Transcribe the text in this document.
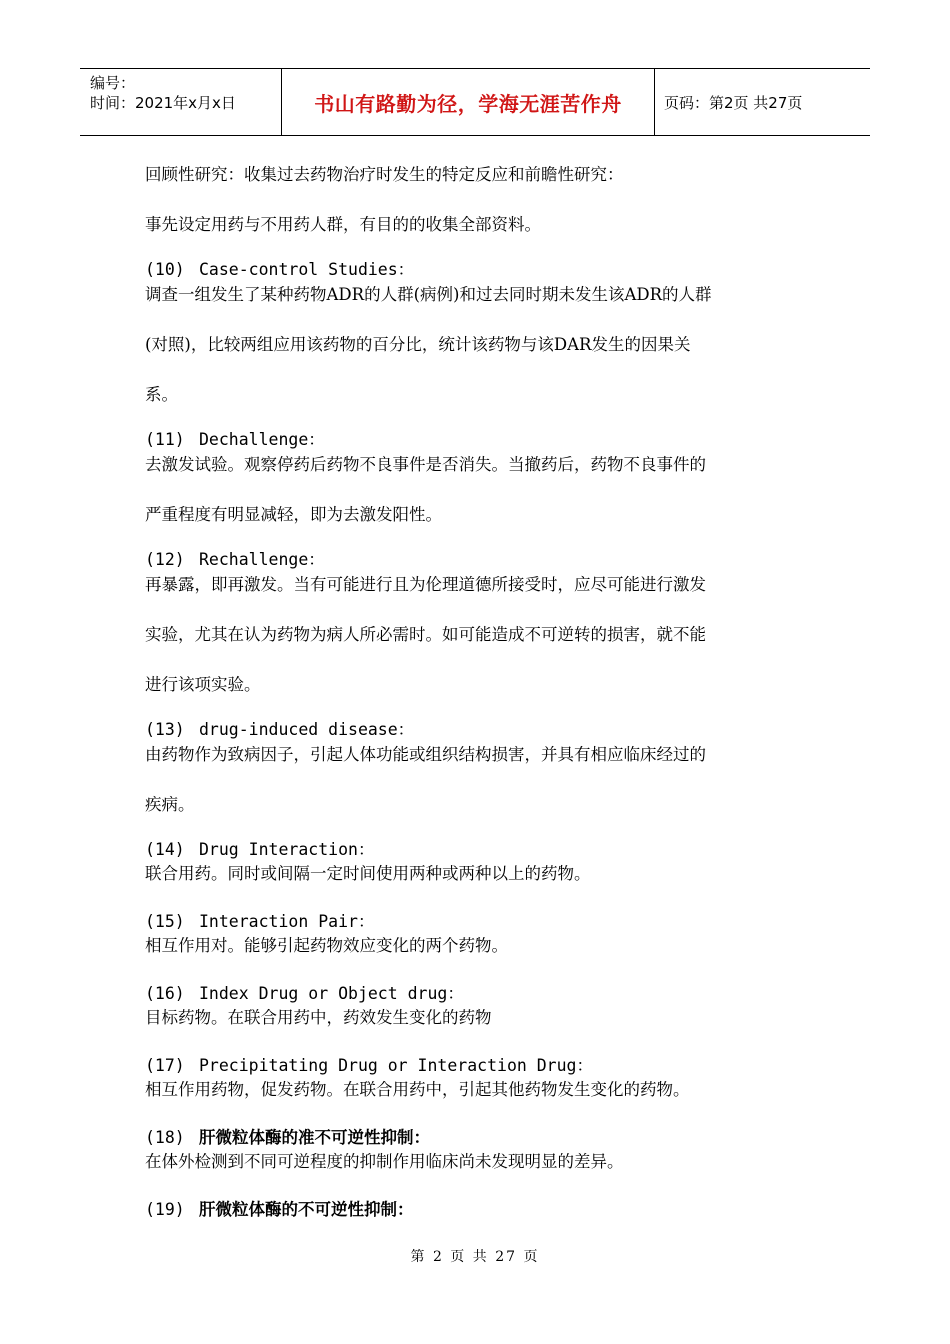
编号：
时间：2021年x月x日	书山有路勤为径，学海无涯苦作舟	页码：第2页 共27页
回顾性研究：收集过去药物治疗时发生的特定反应和前瞻性研究：
事先设定用药与不用药人群，有目的的收集全部资料。
(10) Case-control Studies：
调查一组发生了某种药物ADR的人群(病例)和过去同时期未发生该ADR的人群
(对照)，比较两组应用该药物的百分比，统计该药物与该DAR发生的因果关
系。
(11) Dechallenge：
去激发试验。观察停药后药物不良事件是否消失。当撤药后，药物不良事件的
严重程度有明显减轻，即为去激发阳性。
(12) Rechallenge：
再暴露，即再激发。当有可能进行且为伦理道德所接受时，应尽可能进行激发
实验，尤其在认为药物为病人所必需时。如可能造成不可逆转的损害，就不能
进行该项实验。
(13) drug-induced disease：
由药物作为致病因子，引起人体功能或组织结构损害，并具有相应临床经过的
疾病。
(14) Drug Interaction：
联合用药。同时或间隔一定时间使用两种或两种以上的药物。
(15) Interaction Pair：
相互作用对。能够引起药物效应变化的两个药物。
(16) Index Drug or Object drug：
目标药物。在联合用药中，药效发生变化的药物
(17) Precipitating Drug or Interaction Drug：
相互作用药物，促发药物。在联合用药中，引起其他药物发生变化的药物。
(18) 肝微粒体酶的准不可逆性抑制：
在体外检测到不同可逆程度的抑制作用临床尚未发现明显的差异。
(19) 肝微粒体酶的不可逆性抑制：
第 2 页 共 27 页
